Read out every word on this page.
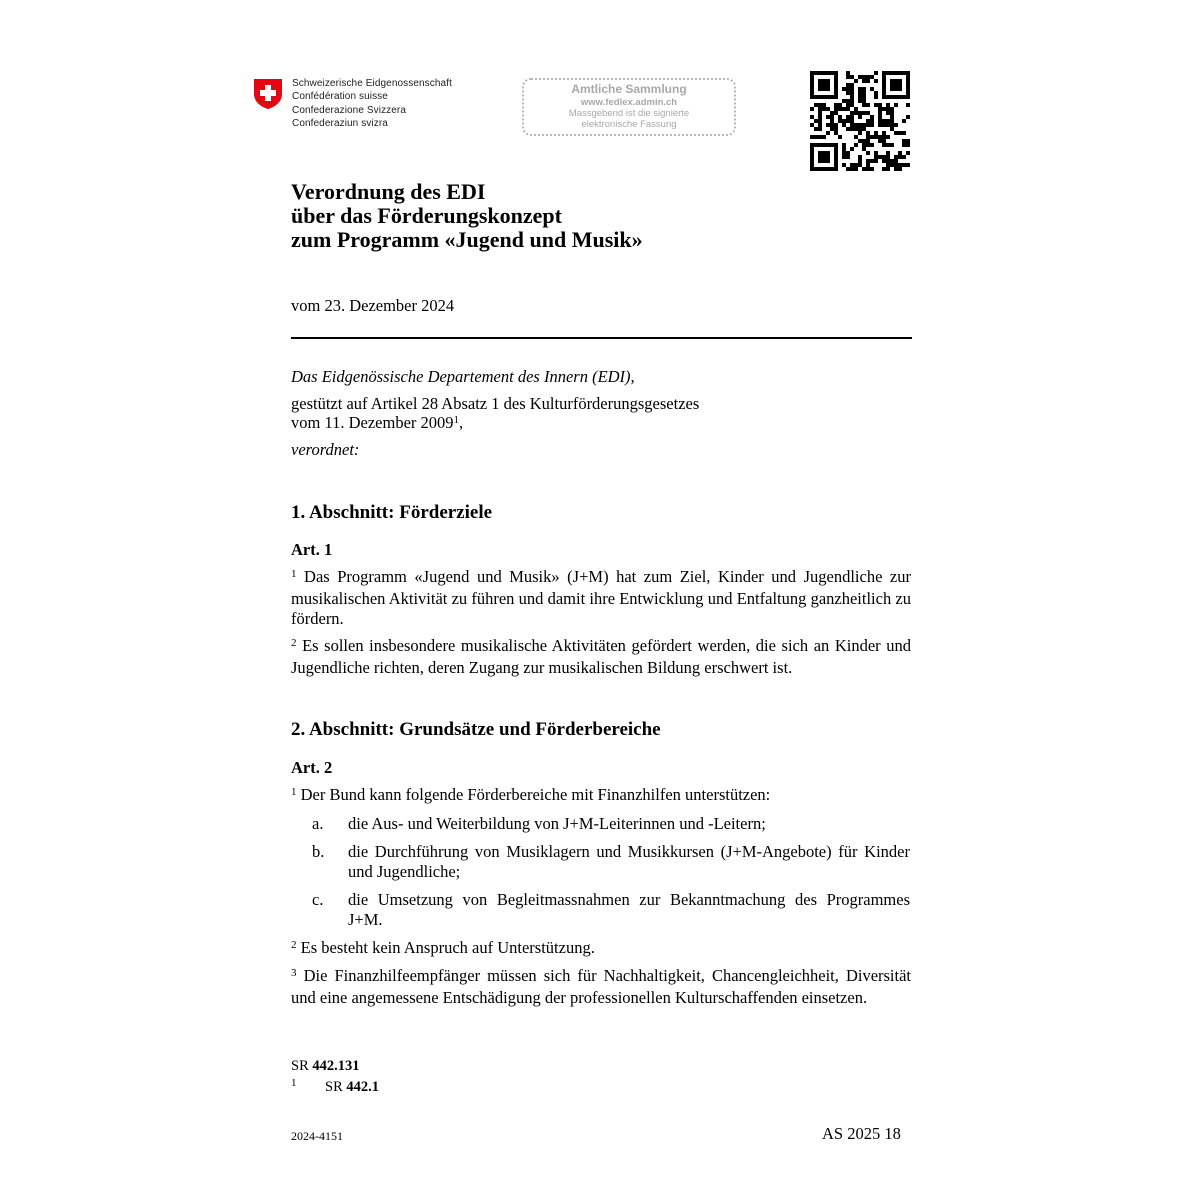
Schweizerische Eidgenossenschaft
Confédération suisse
Confederazione Svizzera
Confederaziun svizra
Amtliche Sammlung
www.fedlex.admin.ch
Massgebend ist die signierte
elektronische Fassung
Verordnung des EDI
über das Förderungskonzept
zum Programm «Jugend und Musik»
vom 23. Dezember 2024
Das Eidgenössische Departement des Innern (EDI),
gestützt auf Artikel 28 Absatz 1 des Kulturförderungsgesetzes
vom 11. Dezember 2009$^1$,
verordnet:
1. Abschnitt: Förderziele
Art. 1
$^1$ Das Programm «Jugend und Musik» (J+M) hat zum Ziel, Kinder und Jugendliche zur musikalischen Aktivität zu führen und damit ihre Entwicklung und Entfaltung ganzheitlich zu fördern.
$^2$ Es sollen insbesondere musikalische Aktivitäten gefördert werden, die sich an Kinder und Jugendliche richten, deren Zugang zur musikalischen Bildung erschwert ist.
2. Abschnitt: Grundsätze und Förderbereiche
Art. 2
$^1$ Der Bund kann folgende Förderbereiche mit Finanzhilfen unterstützen:
a. die Aus- und Weiterbildung von J+M-Leiterinnen und -Leitern;
b. die Durchführung von Musiklagern und Musikkursen (J+M-Angebote) für Kinder und Jugendliche;
c. die Umsetzung von Begleitmassnahmen zur Bekanntmachung des Programmes J+M.
$^2$ Es besteht kein Anspruch auf Unterstützung.
$^3$ Die Finanzhilfeempfänger müssen sich für Nachhaltigkeit, Chancengleichheit, Diversität und eine angemessene Entschädigung der professionellen Kulturschaffenden einsetzen.
SR 442.131
$^1$ SR 442.1
2024-4151	AS 2025 18
